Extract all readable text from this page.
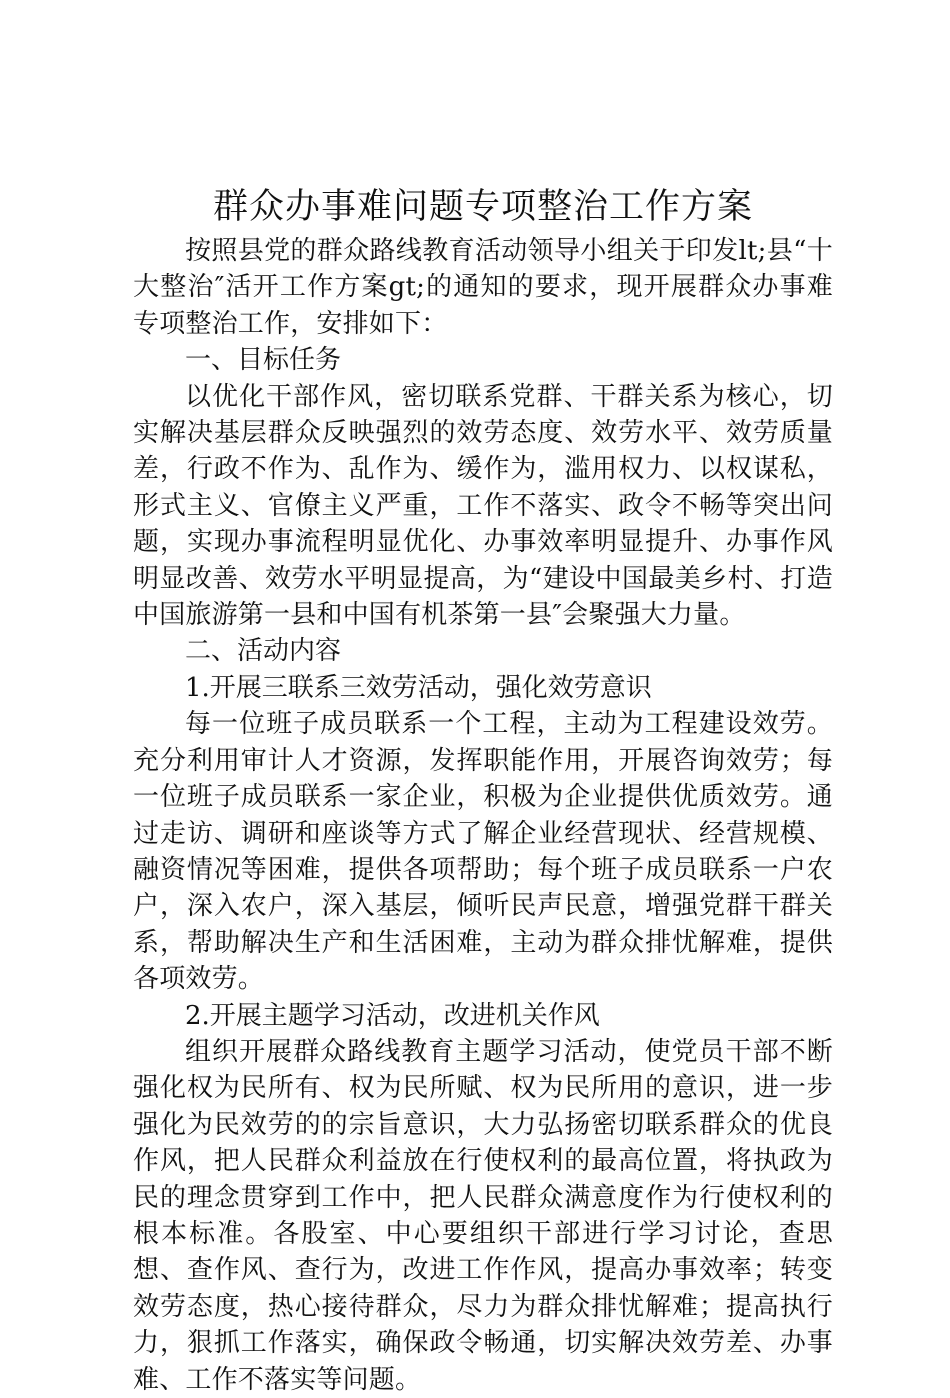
群众办事难问题专项整治工作方案

按照县党的群众路线教育活动领导小组关于印发lt;县“十大整治″活开工作方案gt;的通知的要求，现开展群众办事难专项整治工作，安排如下：

一、目标任务

以优化干部作风，密切联系党群、干群关系为核心，切实解决基层群众反映强烈的效劳态度、效劳水平、效劳质量差，行政不作为、乱作为、缓作为，滥用权力、以权谋私，形式主义、官僚主义严重，工作不落实、政令不畅等突出问题，实现办事流程明显优化、办事效率明显提升、办事作风明显改善、效劳水平明显提高，为“建设中国最美乡村、打造中国旅游第一县和中国有机茶第一县″会聚强大力量。

二、活动内容

1.开展三联系三效劳活动，强化效劳意识

每一位班子成员联系一个工程，主动为工程建设效劳。充分利用审计人才资源，发挥职能作用，开展咨询效劳；每一位班子成员联系一家企业，积极为企业提供优质效劳。通过走访、调研和座谈等方式了解企业经营现状、经营规模、融资情况等困难，提供各项帮助；每个班子成员联系一户农户，深入农户，深入基层，倾听民声民意，增强党群干群关系，帮助解决生产和生活困难，主动为群众排忧解难，提供各项效劳。

2.开展主题学习活动，改进机关作风

组织开展群众路线教育主题学习活动，使党员干部不断强化权为民所有、权为民所赋、权为民所用的意识，进一步强化为民效劳的的宗旨意识，大力弘扬密切联系群众的优良作风，把人民群众利益放在行使权利的最高位置，将执政为民的理念贯穿到工作中，把人民群众满意度作为行使权利的根本标准。各股室、中心要组织干部进行学习讨论，查思想、查作风、查行为，改进工作作风，提高办事效率；转变效劳态度，热心接待群众，尽力为群众排忧解难；提高执行力，狠抓工作落实，确保政令畅通，切实解决效劳差、办事难、工作不落实等问题。
